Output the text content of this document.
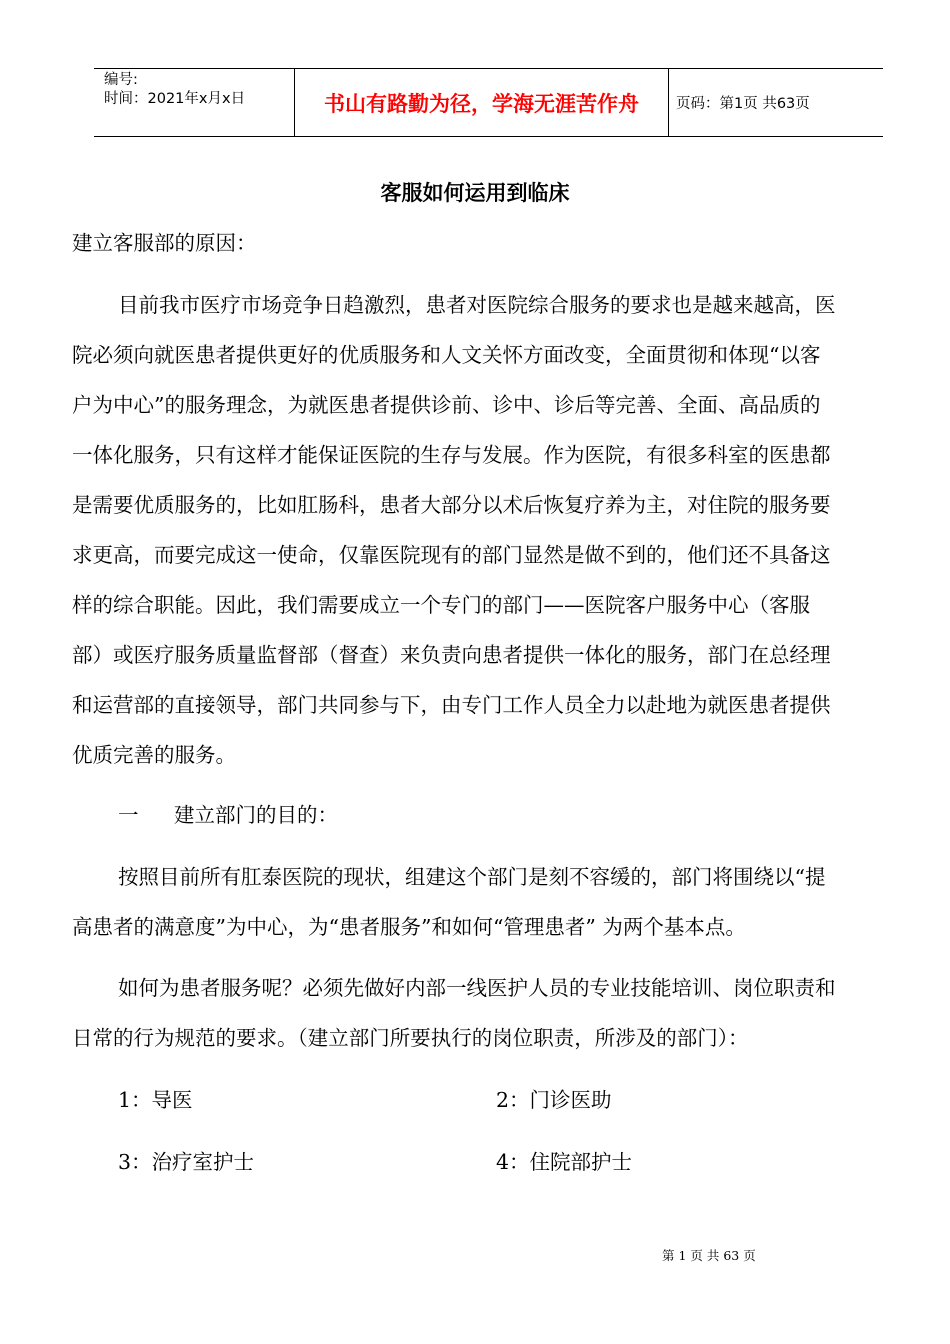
编号:
时间：2021年x月x日	书山有路勤为径，学海无涯苦作舟	页码：第1页 共63页
客服如何运用到临床
建立客服部的原因：
目前我市医疗市场竞争日趋激烈，患者对医院综合服务的要求也是越来越高，医
院必须向就医患者提供更好的优质服务和人文关怀方面改变，全面贯彻和体现“以客
户为中心”的服务理念，为就医患者提供诊前、诊中、诊后等完善、全面、高品质的
一体化服务，只有这样才能保证医院的生存与发展。作为医院，有很多科室的医患都
是需要优质服务的，比如肛肠科，患者大部分以术后恢复疗养为主，对住院的服务要
求更高，而要完成这一使命，仅靠医院现有的部门显然是做不到的，他们还不具备这
样的综合职能。因此，我们需要成立一个专门的部门——医院客户服务中心（客服
部）或医疗服务质量监督部（督查）来负责向患者提供一体化的服务，部门在总经理
和运营部的直接领导，部门共同参与下，由专门工作人员全力以赴地为就医患者提供
优质完善的服务。
一 建立部门的目的：
按照目前所有肛泰医院的现状，组建这个部门是刻不容缓的，部门将围绕以“提
高患者的满意度”为中心，为“患者服务”和如何“管理患者” 为两个基本点。
如何为患者服务呢？必须先做好内部一线医护人员的专业技能培训、岗位职责和
日常的行为规范的要求。（建立部门所要执行的岗位职责，所涉及的部门）：
1：导医	2：门诊医助
3：治疗室护士	4：住院部护士
第 1 页 共 63 页
